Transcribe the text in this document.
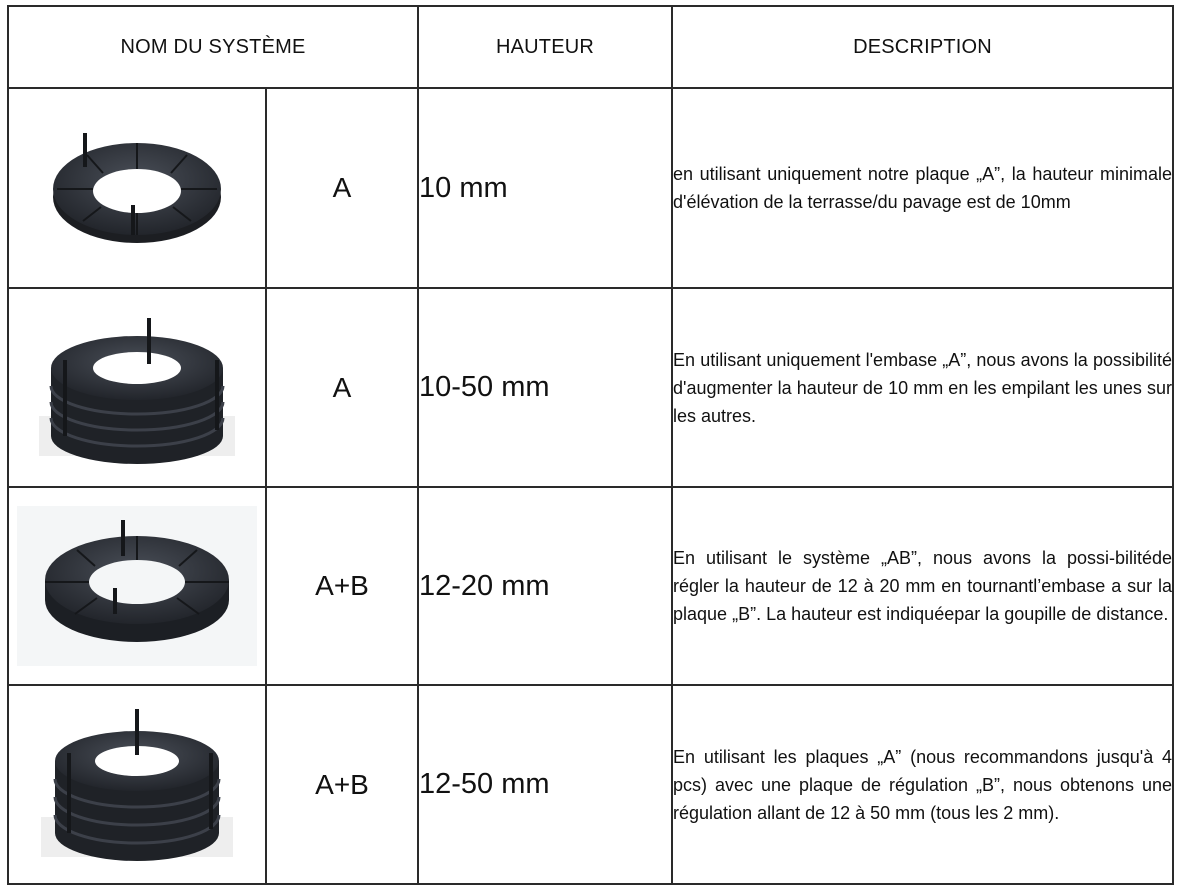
NOM DU SYSTÈME		HAUTEUR	DESCRIPTION

	A	10 mm	en utilisant uniquement notre plaque „A”, la hauteur minimale d'élévation de la terrasse/du pavage est de 10mm

	A	10-50 mm	En utilisant uniquement l'embase „A”, nous avons la possibilité d'augmenter la hauteur de 10 mm en les empilant les unes sur les autres.

	A+B	12-20 mm	En utilisant le système „AB”, nous avons la possi-bilitéde régler la hauteur de 12 à 20 mm en tournantl’embase a sur la plaque „B”. La hauteur est indiquéepar la goupille de distance.

	A+B	12-50 mm	En utilisant les plaques „A” (nous recommandons jusqu'à 4 pcs) avec une plaque de régulation „B”, nous obtenons une régulation allant de 12 à 50 mm (tous les 2 mm).
